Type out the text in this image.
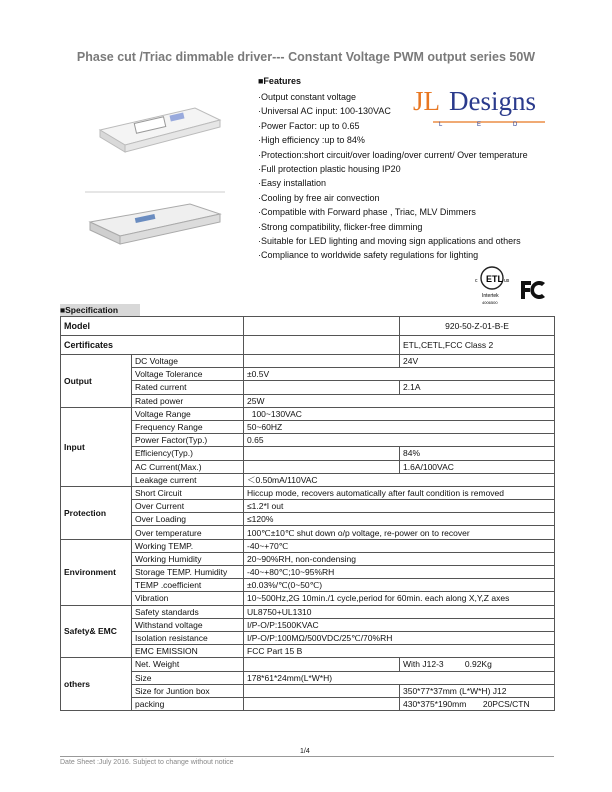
Phase cut /Triac dimmable driver--- Constant Voltage PWM output series 50W
■Features
·Output constant voltage
·Universal AC input: 100-130VAC
·Power Factor: up to 0.65
·High efficiency :up to 84%
·Protection:short circuit/over loading/over current/ Over temperature
·Full protection plastic housing IP20
·Easy installation
·Cooling by free air convection
·Compatible with Forward phase , Triac, MLV Dimmers
·Strong compatibility, flicker-free dimming
·Suitable for LED lighting and moving sign applications and others
·Compliance to worldwide safety regulations for lighting
JL Designs
L	E	D
ETL
c	us
Intertek
4006500
■Specification
Model			920-50-Z-01-B-E
Certificates			ETL,CETL,FCC Class 2
Output	DC Voltage		24V
	Voltage Tolerance	±0.5V	
	Rated current		2.1A
	Rated power	25W	
Input	Voltage Range	100~130VAC	
	Frequency Range	50~60HZ	
	Power Factor(Typ.)	0.65	
	Efficiency(Typ.)		84%
	AC Current(Max.)		1.6A/100VAC
	Leakage current	＜0.50mA/110VAC	
Protection	Short Circuit	Hiccup mode, recovers automatically after fault condition is removed	
	Over Current	≤1.2*I out	
	Over Loading	≤120%	
	Over temperature	100℃±10℃ shut down o/p voltage, re-power on to recover	
Environment	Working TEMP.	-40~+70℃	
	Working Humidity	20~90%RH, non-condensing	
	Storage TEMP. Humidity	-40~+80℃;10~95%RH	
	TEMP .coefficient	±0.03%/℃(0~50℃)	
	Vibration	10~500Hz,2G 10min./1 cycle,period for 60min. each along X,Y,Z axes	
Safety& EMC	Safety standards	UL8750+UL1310	
	Withstand voltage	I/P-O/P:1500KVAC	
	Isolation resistance	I/P-O/P:100MΩ/500VDC/25℃/70%RH	
	EMC EMISSION	FCC Part 15 B	
others	Net. Weight		With J12-3         0.92Kg
	Size	178*61*24mm(L*W*H)	
	Size for Juntion box		350*77*37mm (L*W*H) J12
	packing		430*375*190mm       20PCS/CTN
1/4
Date Sheet :July 2016. Subject to change without notice
